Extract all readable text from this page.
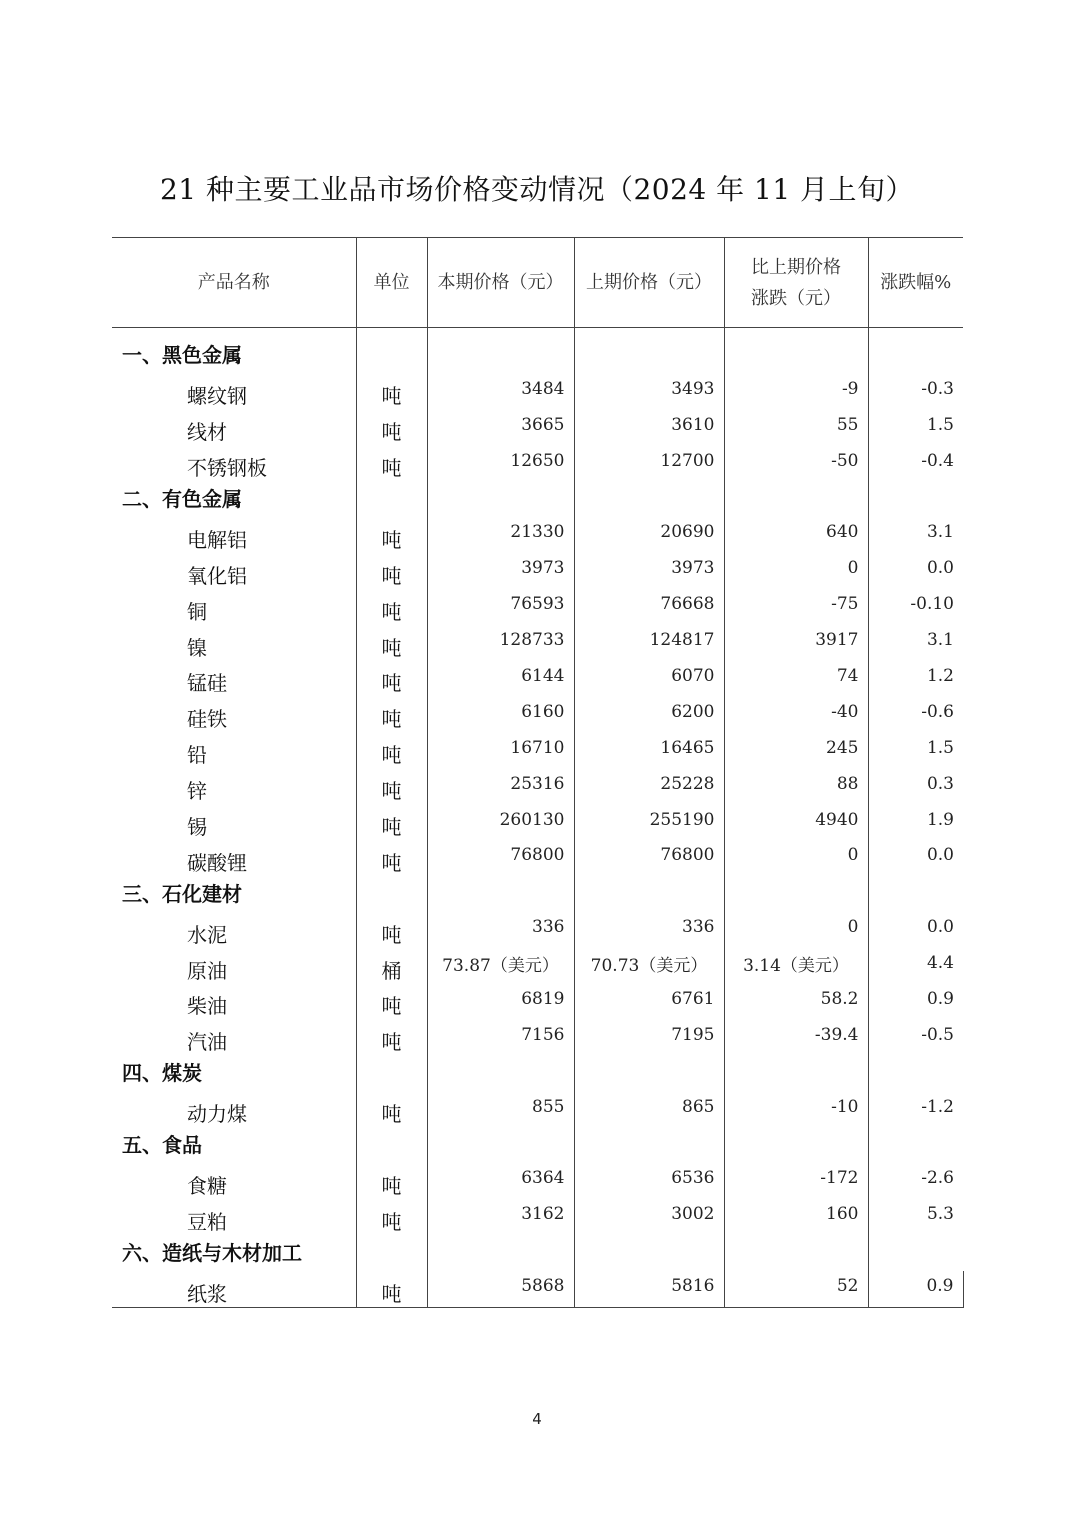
21 种主要工业品市场价格变动情况（2024 年 11 月上旬）
产品名称	单位	本期价格（元）	上期价格（元）	比上期价格
涨跌（元）	涨跌幅%
一、黑色金属					
螺纹钢	吨	3484	3493	-9	-0.3
线材	吨	3665	3610	55	1.5
不锈钢板	吨	12650	12700	-50	-0.4
二、有色金属					
电解铝	吨	21330	20690	640	3.1
氧化铝	吨	3973	3973	0	0.0
铜	吨	76593	76668	-75	-0.10
镍	吨	128733	124817	3917	3.1
锰硅	吨	6144	6070	74	1.2
硅铁	吨	6160	6200	-40	-0.6
铅	吨	16710	16465	245	1.5
锌	吨	25316	25228	88	0.3
锡	吨	260130	255190	4940	1.9
碳酸锂	吨	76800	76800	0	0.0
三、石化建材					
水泥	吨	336	336	0	0.0
原油	桶	73.87（美元）	70.73（美元）	3.14（美元）	4.4
柴油	吨	6819	6761	58.2	0.9
汽油	吨	7156	7195	-39.4	-0.5
四、煤炭					
动力煤	吨	855	865	-10	-1.2
五、食品					
食糖	吨	6364	6536	-172	-2.6
豆粕	吨	3162	3002	160	5.3
六、造纸与木材加工					
纸浆	吨	5868	5816	52	0.9
4
